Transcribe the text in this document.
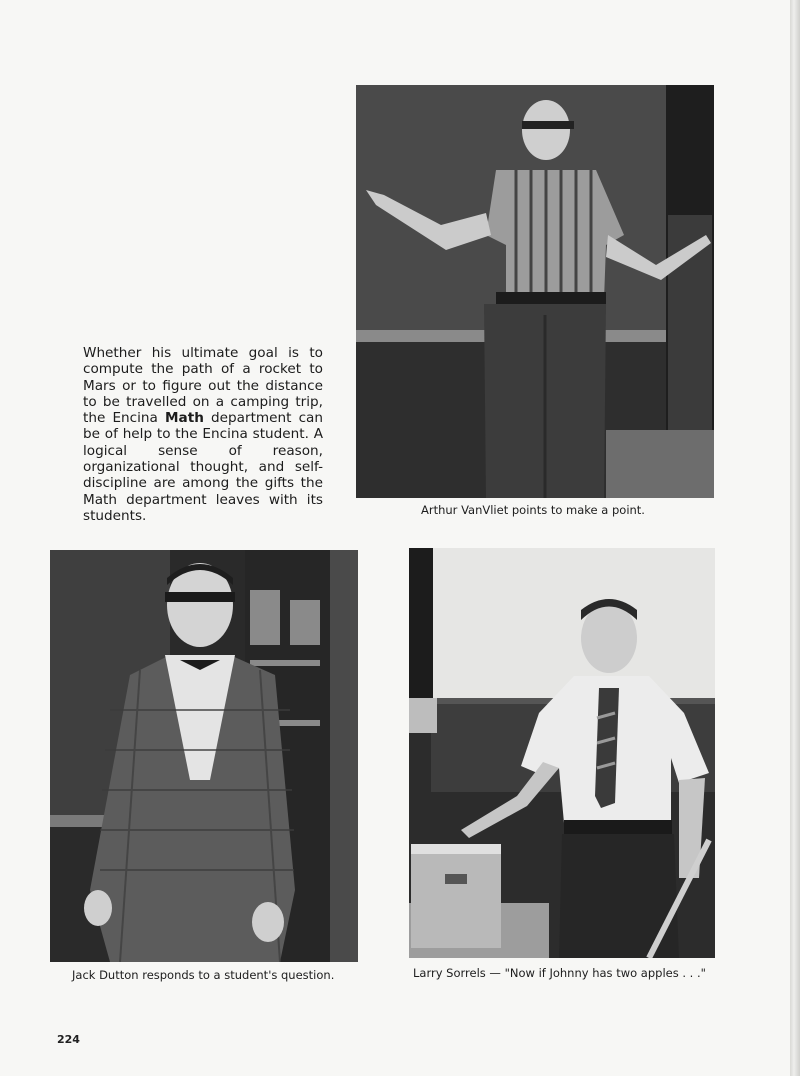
Whether his ultimate goal is to compute the path of a rocket to Mars or to figure out the distance to be travelled on a camping trip, the Encina Math department can be of help to the Encina student. A logical sense of reason, organizational thought, and self-discipline are among the gifts the Math department leaves with its students.	Arthur VanVliet points to make a point.
Jack Dutton responds to a student's question.	Larry Sorrels — "Now if Johnny has two apples . . ."
224
